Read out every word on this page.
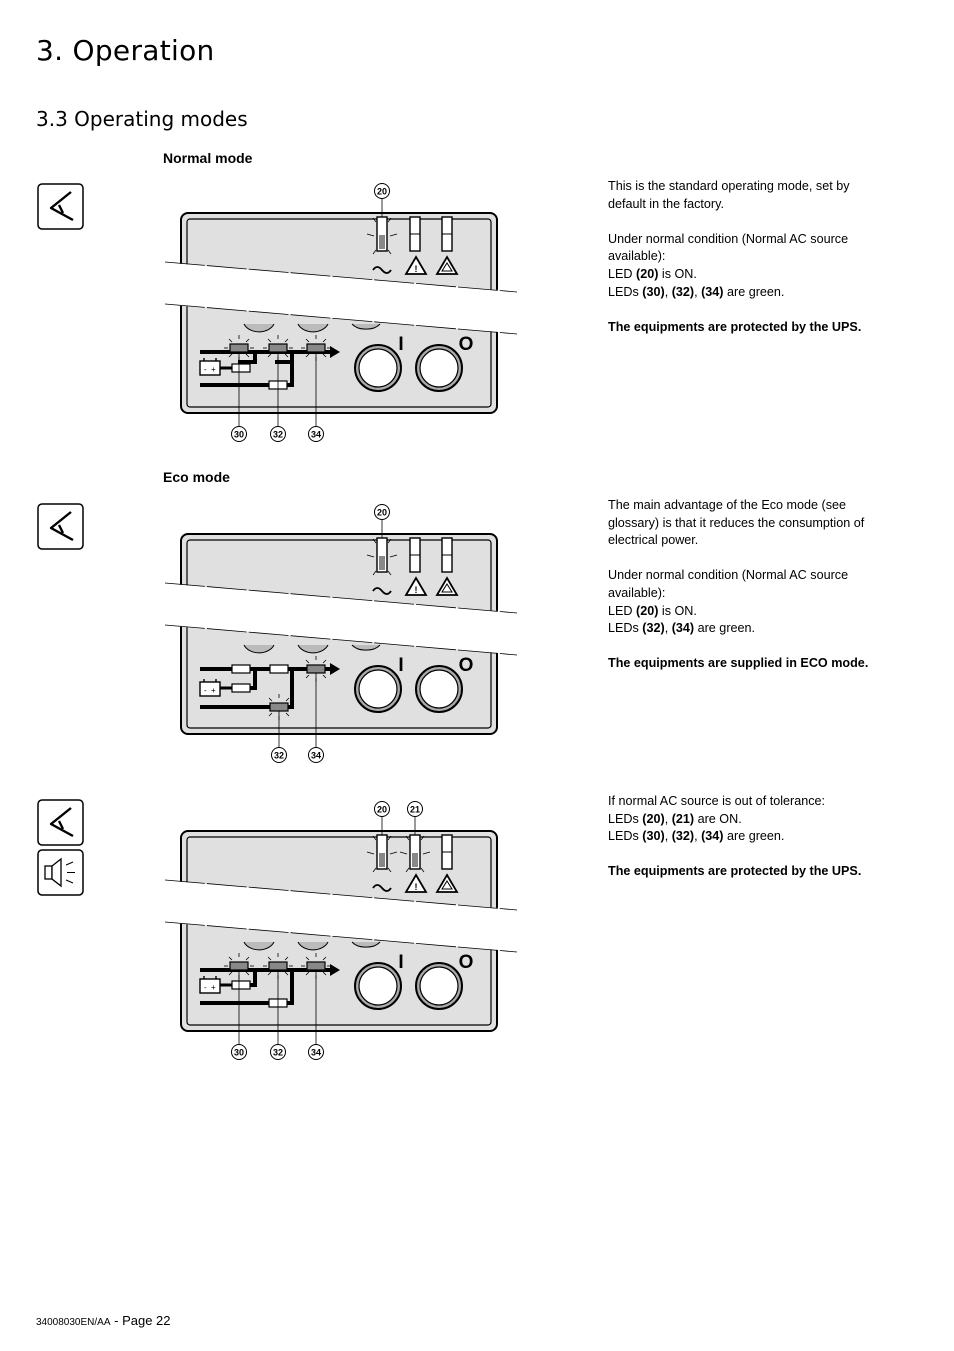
3. Operation
3.3 Operating modes
Normal mode
!
- +
I	O
20
30	32	34

This is the standard operating mode, set by default in the factory.

Under normal condition (Normal AC source available):
LED (20) is ON.
LEDs (30), (32), (34) are green.

The equipments are protected by the UPS.

Eco mode
!
- +
I	O
20
32	34

The main advantage of the Eco mode (see glossary) is that it reduces the consumption of electrical power.

Under normal condition (Normal AC source available):
LED (20) is ON.
LEDs (32), (34) are green.

The equipments are supplied in ECO mode.

!
- +
I	O
20	21
30	32	34

If normal AC source is out of tolerance:
LEDs (20), (21) are ON.
LEDs (30), (32), (34) are green.

The equipments are protected by the UPS.

34008030EN/AA - Page 22
